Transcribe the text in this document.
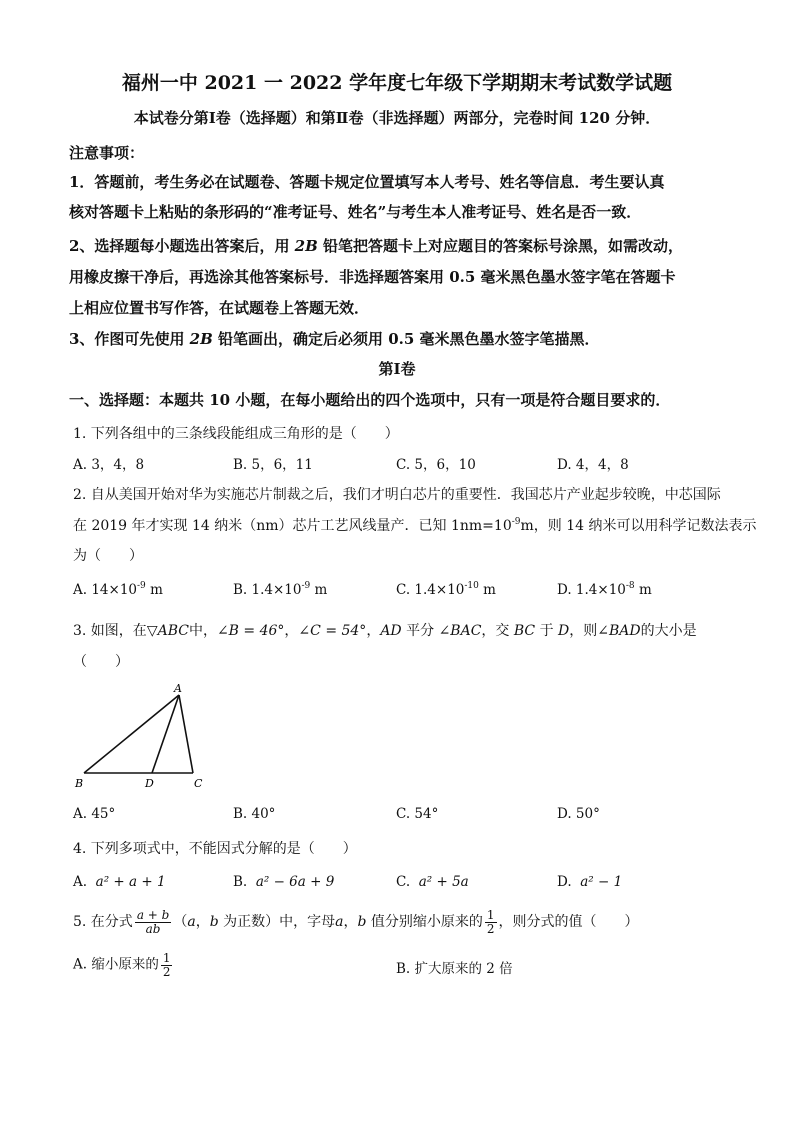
福州一中 2021 一 2022 学年度七年级下学期期末考试数学试题
本试卷分第Ⅰ卷（选择题）和第Ⅱ卷（非选择题）两部分，完卷时间 120 分钟．
注意事项：
1．答题前，考生务必在试题卷、答题卡规定位置填写本人考号、姓名等信息．考生要认真
核对答题卡上粘贴的条形码的“准考证号、姓名”与考生本人准考证号、姓名是否一致．
2、选择题每小题选出答案后，用 2B 铅笔把答题卡上对应题目的答案标号涂黑，如需改动，
用橡皮擦干净后，再选涂其他答案标号．非选择题答案用 0.5 毫米黑色墨水签字笔在答题卡
上相应位置书写作答，在试题卷上答题无效．
3、作图可先使用 2B 铅笔画出，确定后必须用 0.5 毫米黑色墨水签字笔描黑．
第Ⅰ卷
一、选择题：本题共 10 小题，在每小题给出的四个选项中，只有一项是符合题目要求的．
1. 下列各组中的三条线段能组成三角形的是（　　）
A. 3，4，8	B. 5，6，11	C. 5，6，10	D. 4，4，8
2. 自从美国开始对华为实施芯片制裁之后，我们才明白芯片的重要性．我国芯片产业起步较晚，中芯国际
在 2019 年才实现 14 纳米（nm）芯片工艺风线量产．已知 $1nm=10^{-9}m$，则 14 纳米可以用科学记数法表示
为（　　）
A. $14\times 10^{-9}$ m	B. $1.4\times 10^{-9}$ m	C. $1.4\times 10^{-10}$ m	D. $1.4\times 10^{-8}$ m
3. 如图，在▽ABC中，∠B = 46°，∠C = 54°，AD 平分 ∠BAC，交 BC 于 D，则∠BAD的大小是
（　　）
A
B	D	C
A. 45°	B. 40°	C. 54°	D. 50°
4. 下列多项式中，不能因式分解的是（　　）
A. a² + a + 1	B. a² − 6a + 9	C. a² + 5a	D. a² − 1
5. 在分式 $\frac{a + b}{ab} (a$，b 为正数）中，字母a，b 值分别缩小原来的 $\frac{1}{2}$ ，则分式的值（　　）
A. 缩小原来的 $\frac{1}{2}$	B. 扩大原来的 2 倍
